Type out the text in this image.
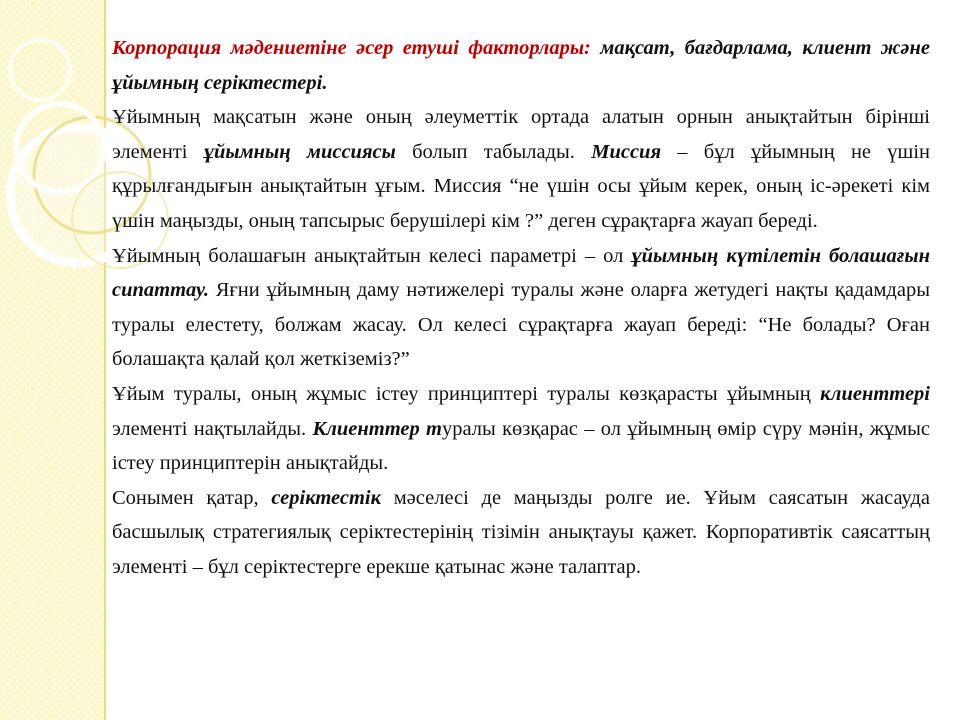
Корпорация мәдениетіне әсер етуші факторлары: мақсат, бағдарлама, клиент және ұйымның серіктестері.

Ұйымның мақсатын және оның әлеуметтік ортада алатын орнын анықтайтын бірінші элементі ұйымның миссиясы болып табылады. Миссия – бұл ұйымның не үшін құрылғандығын анықтайтын ұғым. Миссия “не үшін осы ұйым керек, оның іс-әрекеті кім үшін маңызды, оның тапсырыс берушілері кім ?” деген сұрақтарға жауап береді.

Ұйымның болашағын анықтайтын келесі параметрі – ол ұйымның күтілетін болашағын сипаттау. Яғни ұйымның даму нәтижелері туралы және оларға жетудегі нақты қадамдары туралы елестету, болжам жасау. Ол келесі сұрақтарға жауап береді: “Не болады? Оған болашақта қалай қол жеткіземіз?”

Ұйым туралы, оның жұмыс істеу принциптері туралы көзқарасты ұйымның клиенттері элементі нақтылайды. Клиенттер туралы көзқарас – ол ұйымның өмір сүру мәнін, жұмыс істеу принциптерін анықтайды.

Сонымен қатар, серіктестік мәселесі де маңызды ролге ие. Ұйым саясатын жасауда басшылық стратегиялық серіктестерінің тізімін анықтауы қажет. Корпоративтік саясаттың элементі – бұл серіктестерге ерекше қатынас және талаптар.
